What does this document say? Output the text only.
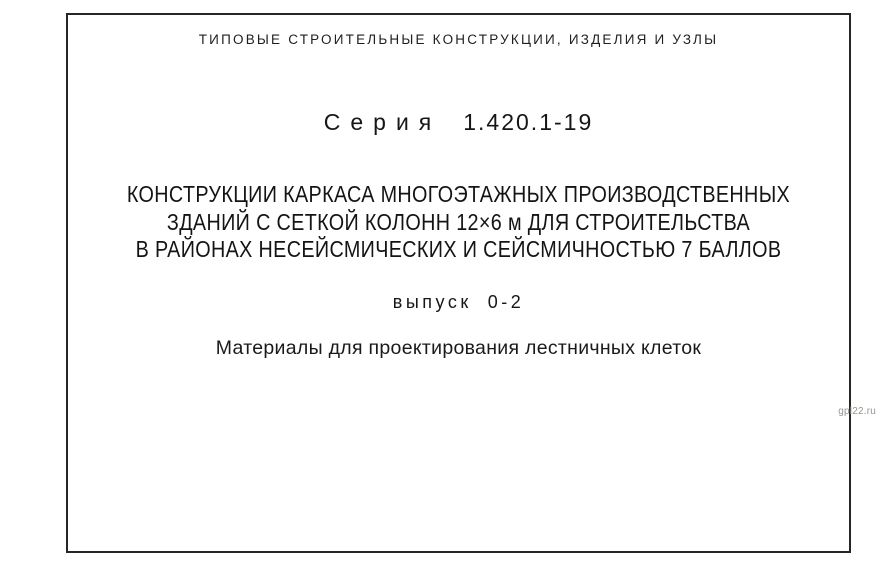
ТИПОВЫЕ СТРОИТЕЛЬНЫЕ КОНСТРУКЦИИ, ИЗДЕЛИЯ И УЗЛЫ
Серия 1.420.1-19
КОНСТРУКЦИИ КАРКАСА МНОГОЭТАЖНЫХ ПРОИЗВОДСТВЕННЫХ
ЗДАНИЙ С СЕТКОЙ КОЛОНН 12×6 м ДЛЯ СТРОИТЕЛЬСТВА
В РАЙОНАХ НЕСЕЙСМИЧЕСКИХ И СЕЙСМИЧНОСТЬЮ 7 БАЛЛОВ
выпуск 0-2
Материалы для проектирования лестничных клеток
gpl22.ru
